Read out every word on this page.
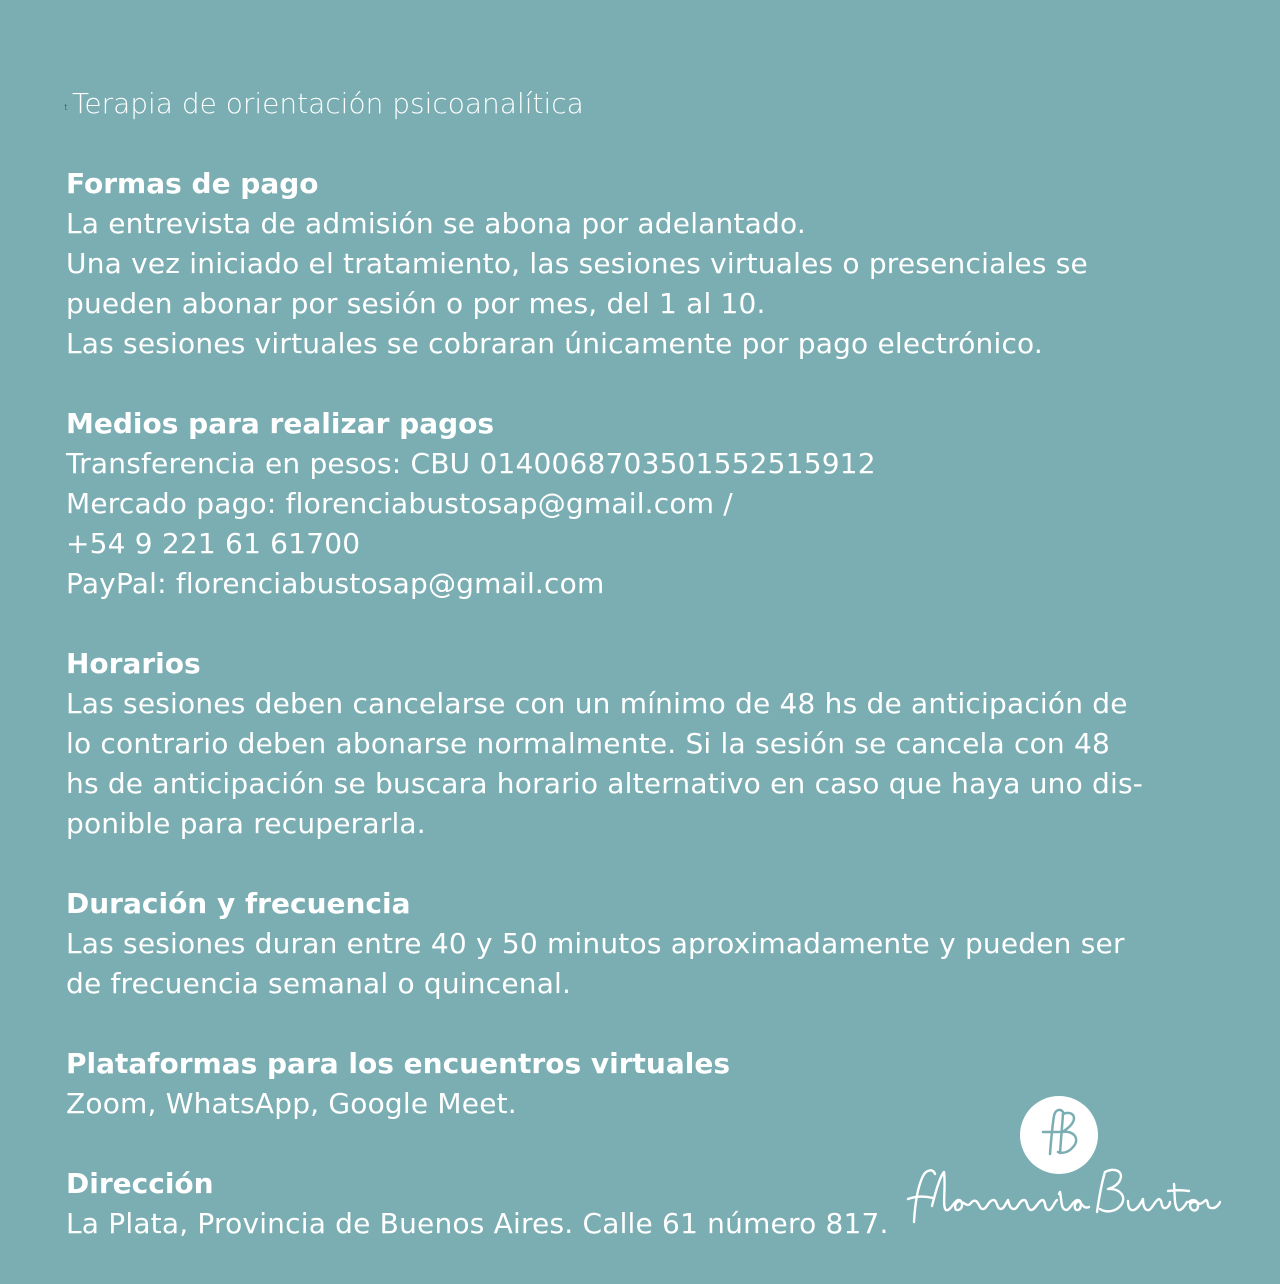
t Terapia de orientación psicoanalítica
Formas de pago

La entrevista de admisión se abona por adelantado.

Una vez iniciado el tratamiento, las sesiones virtuales o presenciales se

pueden abonar por sesión o por mes, del 1 al 10.

Las sesiones virtuales se cobraran únicamente por pago electrónico.

Medios para realizar pagos

Transferencia en pesos: CBU 0140068703501552515912

Mercado pago: florenciabustosap@gmail.com /

+54 9 221 61 61700

PayPal: florenciabustosap@gmail.com

Horarios

Las sesiones deben cancelarse con un mínimo de 48 hs de anticipación de

lo contrario deben abonarse normalmente. Si la sesión se cancela con 48

hs de anticipación se buscara horario alternativo en caso que haya uno dis-

ponible para recuperarla.

Duración y frecuencia

Las sesiones duran entre 40 y 50 minutos aproximadamente y pueden ser

de frecuencia semanal o quincenal.

Plataformas para los encuentros virtuales

Zoom, WhatsApp, Google Meet.

Dirección

La Plata, Provincia de Buenos Aires. Calle 61 número 817.
